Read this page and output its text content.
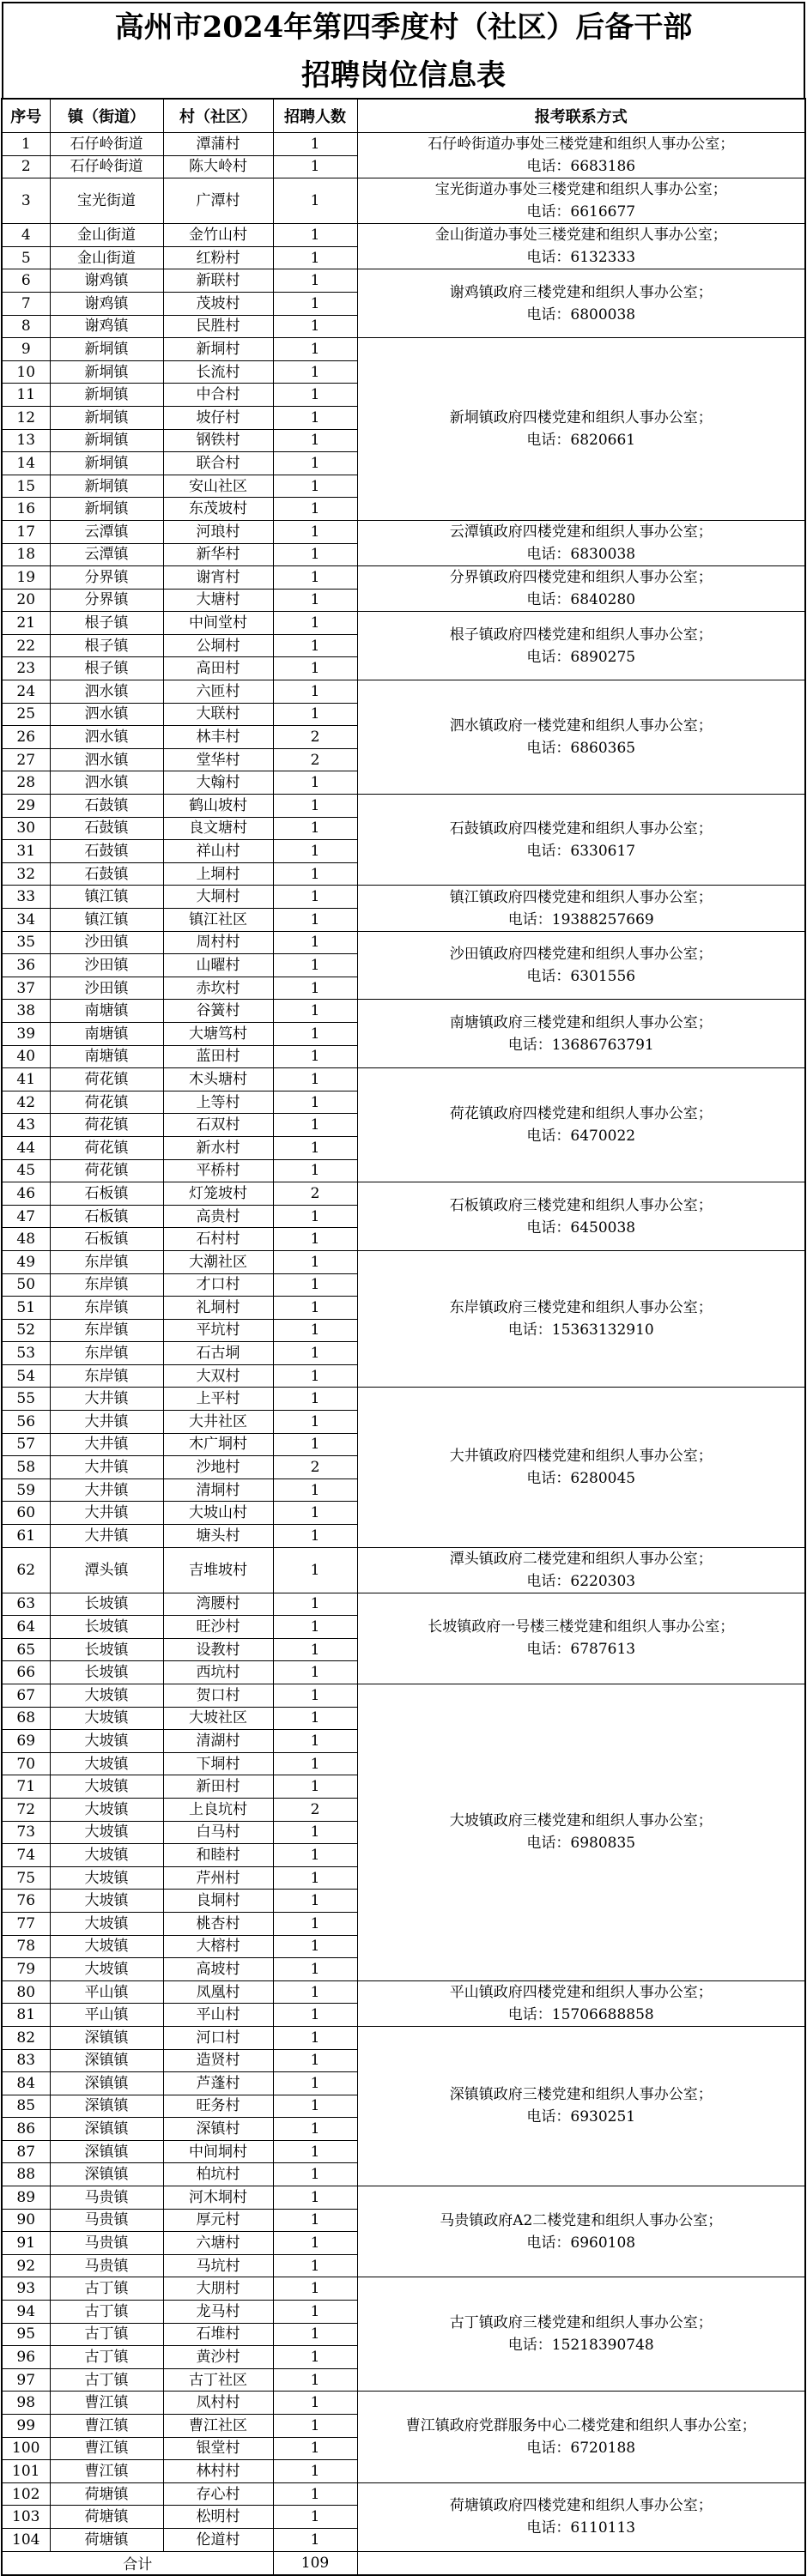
高州市2024年第四季度村（社区）后备干部
招聘岗位信息表
序号	镇（街道）	村（社区）	招聘人数	报考联系方式
1	石仔岭街道	潭蒲村	1	石仔岭街道办事处三楼党建和组织人事办公室；
电话：6683186

2	石仔岭街道	陈大岭村	1	
3	宝光街道	广潭村	1	宝光街道办事处三楼党建和组织人事办公室；
电话：6616677

4	金山街道	金竹山村	1	金山街道办事处三楼党建和组织人事办公室；
电话：6132333

5	金山街道	红粉村	1	
6	谢鸡镇	新联村	1	谢鸡镇政府三楼党建和组织人事办公室；
电话：6800038

7	谢鸡镇	茂坡村	1	
8	谢鸡镇	民胜村	1	
9	新垌镇	新垌村	1	新垌镇政府四楼党建和组织人事办公室；
电话：6820661

10	新垌镇	长流村	1	
11	新垌镇	中合村	1	
12	新垌镇	坡仔村	1	
13	新垌镇	钢铁村	1	
14	新垌镇	联合村	1	
15	新垌镇	安山社区	1	
16	新垌镇	东茂坡村	1	
17	云潭镇	河琅村	1	云潭镇政府四楼党建和组织人事办公室；
电话：6830038

18	云潭镇	新华村	1	
19	分界镇	谢宵村	1	分界镇政府四楼党建和组织人事办公室；
电话：6840280

20	分界镇	大塘村	1	
21	根子镇	中间堂村	1	根子镇政府四楼党建和组织人事办公室；
电话：6890275

22	根子镇	公垌村	1	
23	根子镇	高田村	1	
24	泗水镇	六匝村	1	泗水镇政府一楼党建和组织人事办公室；
电话：6860365

25	泗水镇	大联村	1	
26	泗水镇	林丰村	2	
27	泗水镇	堂华村	2	
28	泗水镇	大翰村	1	
29	石鼓镇	鹤山坡村	1	石鼓镇政府四楼党建和组织人事办公室；
电话：6330617

30	石鼓镇	良文塘村	1	
31	石鼓镇	祥山村	1	
32	石鼓镇	上垌村	1	
33	镇江镇	大垌村	1	镇江镇政府四楼党建和组织人事办公室；
电话：19388257669

34	镇江镇	镇江社区	1	
35	沙田镇	周村村	1	沙田镇政府四楼党建和组织人事办公室；
电话：6301556

36	沙田镇	山曜村	1	
37	沙田镇	赤坎村	1	
38	南塘镇	谷簧村	1	南塘镇政府三楼党建和组织人事办公室；
电话：13686763791

39	南塘镇	大塘笃村	1	
40	南塘镇	蓝田村	1	
41	荷花镇	木头塘村	1	荷花镇政府四楼党建和组织人事办公室；
电话：6470022

42	荷花镇	上等村	1	
43	荷花镇	石双村	1	
44	荷花镇	新水村	1	
45	荷花镇	平桥村	1	
46	石板镇	灯笼坡村	2	石板镇政府三楼党建和组织人事办公室；
电话：6450038

47	石板镇	高贵村	1	
48	石板镇	石村村	1	
49	东岸镇	大潮社区	1	东岸镇政府三楼党建和组织人事办公室；
电话：15363132910

50	东岸镇	才口村	1	
51	东岸镇	礼垌村	1	
52	东岸镇	平坑村	1	
53	东岸镇	石古垌	1	
54	东岸镇	大双村	1	
55	大井镇	上平村	1	大井镇政府四楼党建和组织人事办公室；
电话：6280045

56	大井镇	大井社区	1	
57	大井镇	木广垌村	1	
58	大井镇	沙地村	2	
59	大井镇	清垌村	1	
60	大井镇	大坡山村	1	
61	大井镇	塘头村	1	
62	潭头镇	吉堆坡村	1	潭头镇政府二楼党建和组织人事办公室；
电话：6220303

63	长坡镇	湾腰村	1	长坡镇政府一号楼三楼党建和组织人事办公室；
电话：6787613

64	长坡镇	旺沙村	1	
65	长坡镇	设教村	1	
66	长坡镇	西坑村	1	
67	大坡镇	贺口村	1	大坡镇政府三楼党建和组织人事办公室；
电话：6980835

68	大坡镇	大坡社区	1	
69	大坡镇	清湖村	1	
70	大坡镇	下垌村	1	
71	大坡镇	新田村	1	
72	大坡镇	上良坑村	2	
73	大坡镇	白马村	1	
74	大坡镇	和睦村	1	
75	大坡镇	芹州村	1	
76	大坡镇	良垌村	1	
77	大坡镇	桃杏村	1	
78	大坡镇	大榕村	1	
79	大坡镇	高坡村	1	
80	平山镇	凤凰村	1	平山镇政府四楼党建和组织人事办公室；
电话：15706688858

81	平山镇	平山村	1	
82	深镇镇	河口村	1	深镇镇政府三楼党建和组织人事办公室；
电话：6930251

83	深镇镇	造贤村	1	
84	深镇镇	芦蓬村	1	
85	深镇镇	旺务村	1	
86	深镇镇	深镇村	1	
87	深镇镇	中间垌村	1	
88	深镇镇	柏坑村	1	
89	马贵镇	河木垌村	1	马贵镇政府A2二楼党建和组织人事办公室；
电话：6960108

90	马贵镇	厚元村	1	
91	马贵镇	六塘村	1	
92	马贵镇	马坑村	1	
93	古丁镇	大朋村	1	古丁镇政府三楼党建和组织人事办公室；
电话：15218390748

94	古丁镇	龙马村	1	
95	古丁镇	石堆村	1	
96	古丁镇	黄沙村	1	
97	古丁镇	古丁社区	1	
98	曹江镇	凤村村	1	曹江镇政府党群服务中心二楼党建和组织人事办公室；
电话：6720188

99	曹江镇	曹江社区	1	
100	曹江镇	银堂村	1	
101	曹江镇	林村村	1	
102	荷塘镇	存心村	1	荷塘镇政府四楼党建和组织人事办公室；
电话：6110113

103	荷塘镇	松明村	1	
104	荷塘镇	伦道村	1	
合计			109	
